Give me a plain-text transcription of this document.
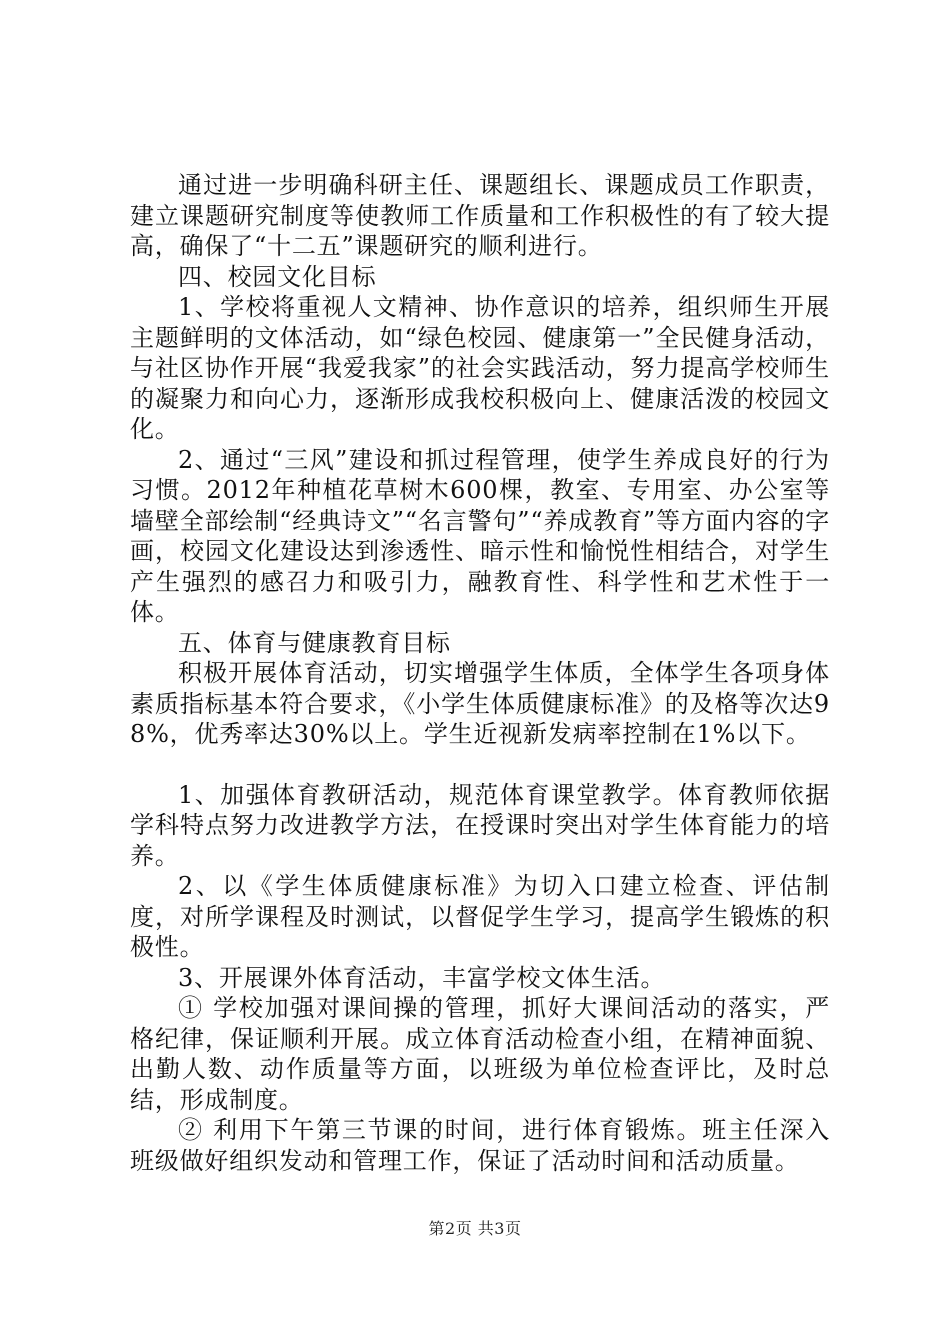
通过进一步明确科研主任、课题组长、课题成员工作职责，建立课题研究制度等使教师工作质量和工作积极性的有了较大提高，确保了“十二五”课题研究的顺利进行。

四、校园文化目标

1、学校将重视人文精神、协作意识的培养，组织师生开展主题鲜明的文体活动，如“绿色校园、健康第一”全民健身活动，与社区协作开展“我爱我家”的社会实践活动，努力提高学校师生的凝聚力和向心力，逐渐形成我校积极向上、健康活泼的校园文化。

2、通过“三风”建设和抓过程管理，使学生养成良好的行为习惯。2012年种植花草树木600棵，教室、专用室、办公室等墙壁全部绘制“经典诗文”“名言警句”“养成教育”等方面内容的字画，校园文化建设达到渗透性、暗示性和愉悦性相结合，对学生产生强烈的感召力和吸引力，融教育性、科学性和艺术性于一体。

五、体育与健康教育目标

积极开展体育活动，切实增强学生体质，全体学生各项身体素质指标基本符合要求，《小学生体质健康标准》的及格等次达98%，优秀率达30%以上。学生近视新发病率控制在1%以下。

1、加强体育教研活动，规范体育课堂教学。体育教师依据学科特点努力改进教学方法，在授课时突出对学生体育能力的培养。

2、以《学生体质健康标准》为切入口建立检查、评估制度，对所学课程及时测试，以督促学生学习，提高学生锻炼的积极性。

3、开展课外体育活动，丰富学校文体生活。

① 学校加强对课间操的管理，抓好大课间活动的落实，严格纪律，保证顺利开展。成立体育活动检查小组，在精神面貌、出勤人数、动作质量等方面，以班级为单位检查评比，及时总结，形成制度。

② 利用下午第三节课的时间，进行体育锻炼。班主任深入班级做好组织发动和管理工作，保证了活动时间和活动质量。

第2页 共3页
